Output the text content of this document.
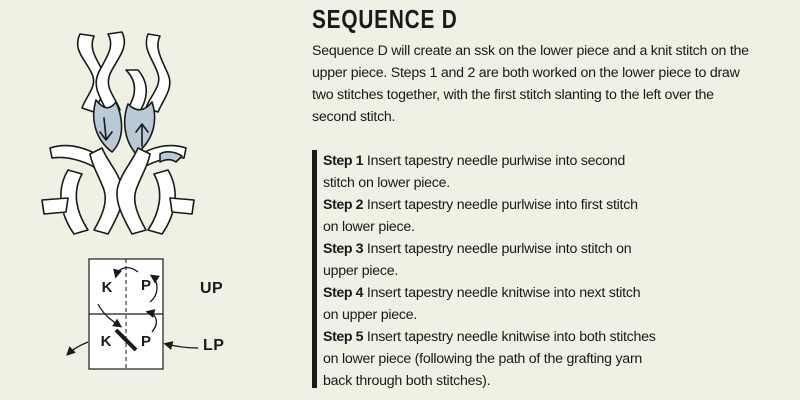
K P
K P
UP
LP
SEQUENCE D

Sequence D will create an ssk on the lower piece and a knit stitch on the upper piece. Steps 1 and 2 are both worked on the lower piece to draw two stitches together, with the first stitch slanting to the left over the second stitch.

Step 1 Insert tapestry needle purlwise into second
stitch on lower piece.

Step 2 Insert tapestry needle purlwise into first stitch
on lower piece.

Step 3 Insert tapestry needle purlwise into stitch on
upper piece.

Step 4 Insert tapestry needle knitwise into next stitch
on upper piece.

Step 5 Insert tapestry needle knitwise into both stitches
on lower piece (following the path of the grafting yarn
back through both stitches).
